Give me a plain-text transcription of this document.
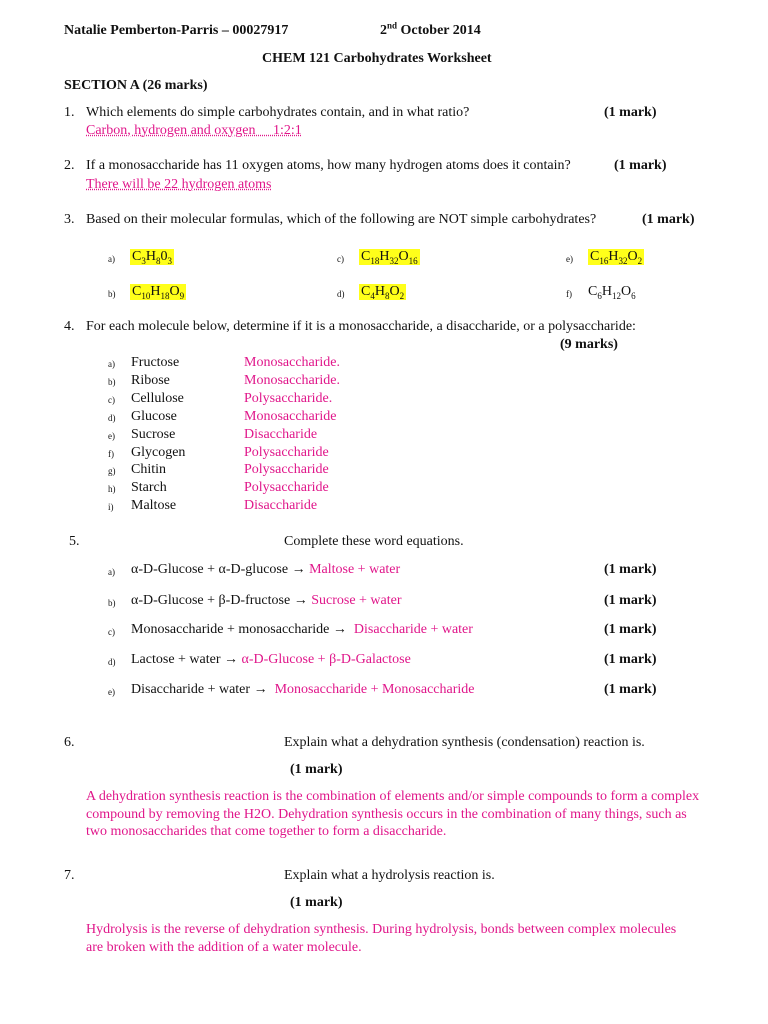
Natalie Pemberton-Parris – 00027917	2nd October 2014
CHEM 121 Carbohydrates Worksheet
SECTION A (26 marks)
1. Which elements do simple carbohydrates contain, and in what ratio?	(1 mark)
Carbon, hydrogen and oxygen     1:2:1
2. If a monosaccharide has 11 oxygen atoms, how many hydrogen atoms does it contain?	(1 mark)
There will be 22 hydrogen atoms
3. Based on their molecular formulas, which of the following are NOT simple carbohydrates?	(1 mark)
a) $C_3H_80_3$
b) $C_{10}H_{18}O_9$
c) $C_{18}H_{32}O_{16}$
d) $C_4H_8O_2$
e) $C_{16}H_{32}O_2$
f) $C_6H_{12}O_6$
4. For each molecule below, determine if it is a monosaccharide, a disaccharide, or a polysaccharide:
(9 marks)
a) Fructose	Monosaccharide.
b) Ribose	Monosaccharide.
c) Cellulose	Polysaccharide.
d) Glucose	Monosaccharide
e) Sucrose	Disaccharide
f) Glycogen	Polysaccharide
g) Chitin	Polysaccharide
h) Starch	Polysaccharide
i) Maltose	Disaccharide
5.	Complete these word equations.
a) α-D-Glucose + α-D-glucose → Maltose + water	(1 mark)
b) α-D-Glucose + β-D-fructose → Sucrose + water	(1 mark)
c) Monosaccharide + monosaccharide →  Disaccharide + water	(1 mark)
d) Lactose + water → α-D-Glucose + β-D-Galactose	(1 mark)
e) Disaccharide + water →  Monosaccharide + Monosaccharide	(1 mark)
6.	Explain what a dehydration synthesis (condensation) reaction is.
(1 mark)
A dehydration synthesis reaction is the combination of elements and/or simple compounds to form a complex compound by removing the H2O. Dehydration synthesis occurs in the combination of many things, such as two monosaccharides that come together to form a disaccharide.
7.	Explain what a hydrolysis reaction is.
(1 mark)
Hydrolysis is the reverse of dehydration synthesis. During hydrolysis, bonds between complex molecules are broken with the addition of a water molecule.
